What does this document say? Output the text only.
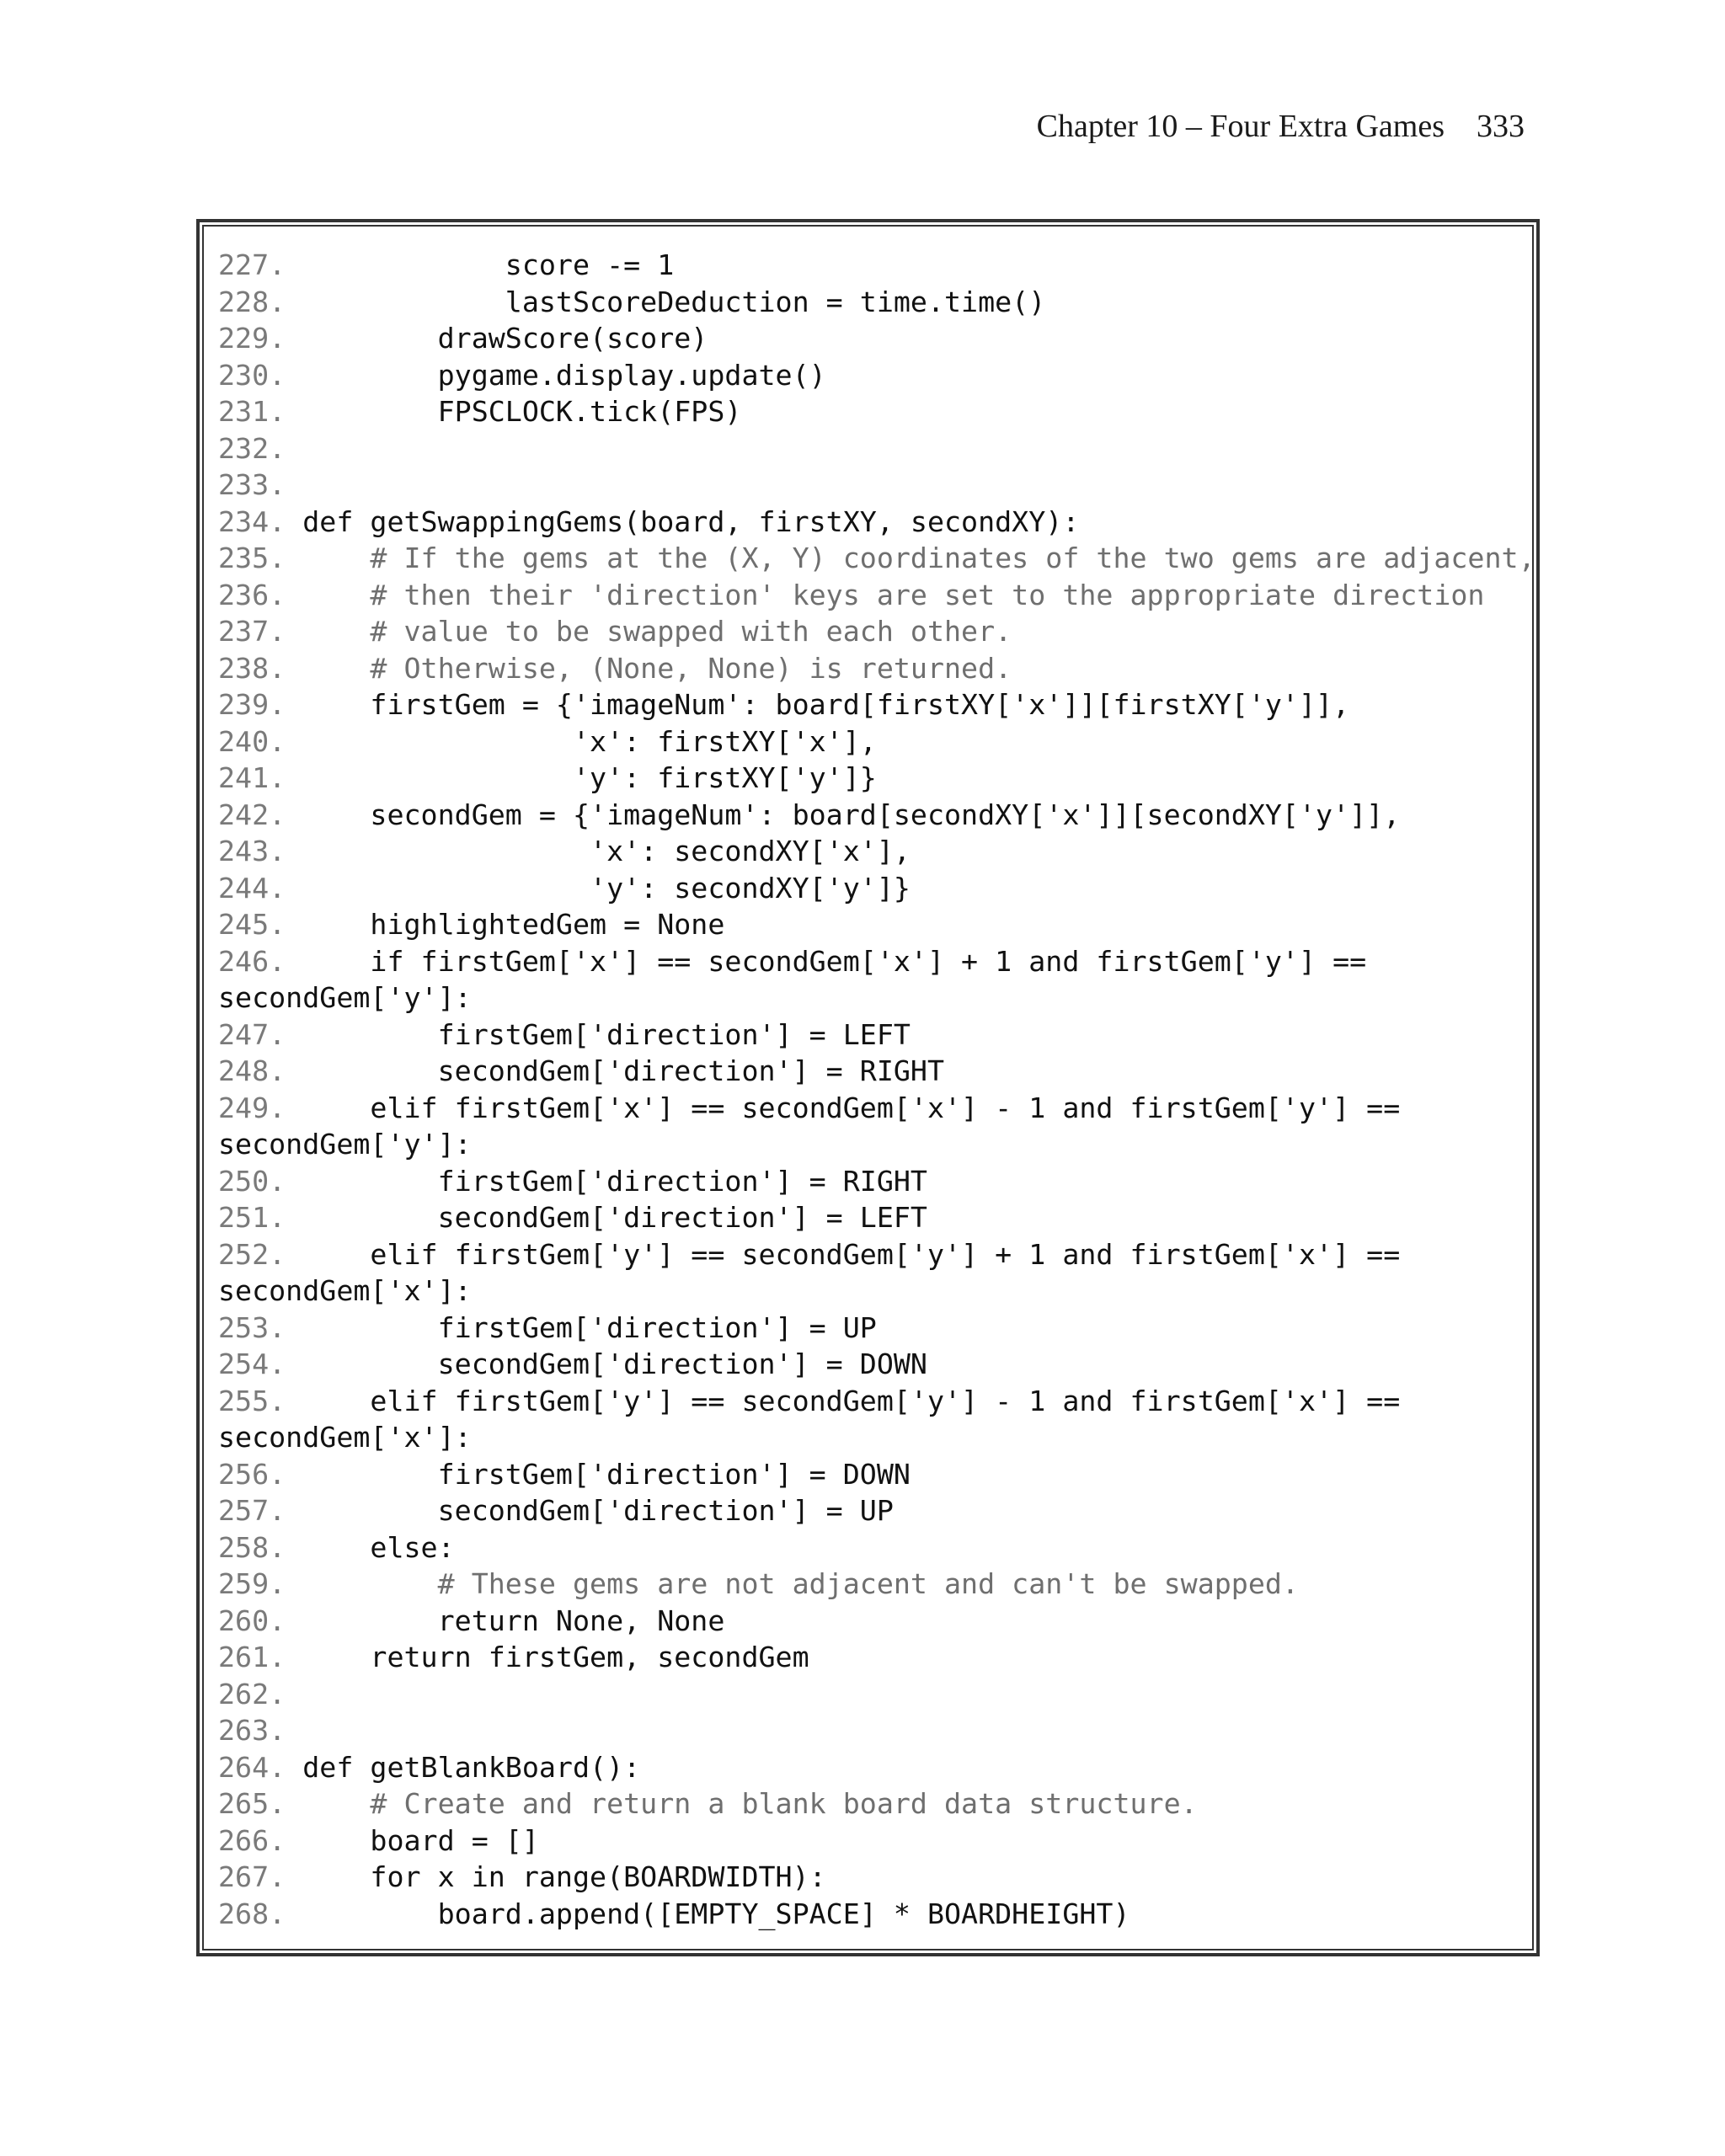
Chapter 10 – Four Extra Games 333
227.             score -= 1
228.             lastScoreDeduction = time.time()
229.         drawScore(score)
230.         pygame.display.update()
231.         FPSCLOCK.tick(FPS)
232.
233.
234. def getSwappingGems(board, firstXY, secondXY):
235.     # If the gems at the (X, Y) coordinates of the two gems are adjacent,
236.     # then their 'direction' keys are set to the appropriate direction
237.     # value to be swapped with each other.
238.     # Otherwise, (None, None) is returned.
239.     firstGem = {'imageNum': board[firstXY['x']][firstXY['y']],
240.                 'x': firstXY['x'],
241.                 'y': firstXY['y']}
242.     secondGem = {'imageNum': board[secondXY['x']][secondXY['y']],
243.                  'x': secondXY['x'],
244.                  'y': secondXY['y']}
245.     highlightedGem = None
246.     if firstGem['x'] == secondGem['x'] + 1 and firstGem['y'] ==
secondGem['y']:
247.         firstGem['direction'] = LEFT
248.         secondGem['direction'] = RIGHT
249.     elif firstGem['x'] == secondGem['x'] - 1 and firstGem['y'] ==
secondGem['y']:
250.         firstGem['direction'] = RIGHT
251.         secondGem['direction'] = LEFT
252.     elif firstGem['y'] == secondGem['y'] + 1 and firstGem['x'] ==
secondGem['x']:
253.         firstGem['direction'] = UP
254.         secondGem['direction'] = DOWN
255.     elif firstGem['y'] == secondGem['y'] - 1 and firstGem['x'] ==
secondGem['x']:
256.         firstGem['direction'] = DOWN
257.         secondGem['direction'] = UP
258.     else:
259.         # These gems are not adjacent and can't be swapped.
260.         return None, None
261.     return firstGem, secondGem
262.
263.
264. def getBlankBoard():
265.     # Create and return a blank board data structure.
266.     board = []
267.     for x in range(BOARDWIDTH):
268.         board.append([EMPTY_SPACE] * BOARDHEIGHT)
